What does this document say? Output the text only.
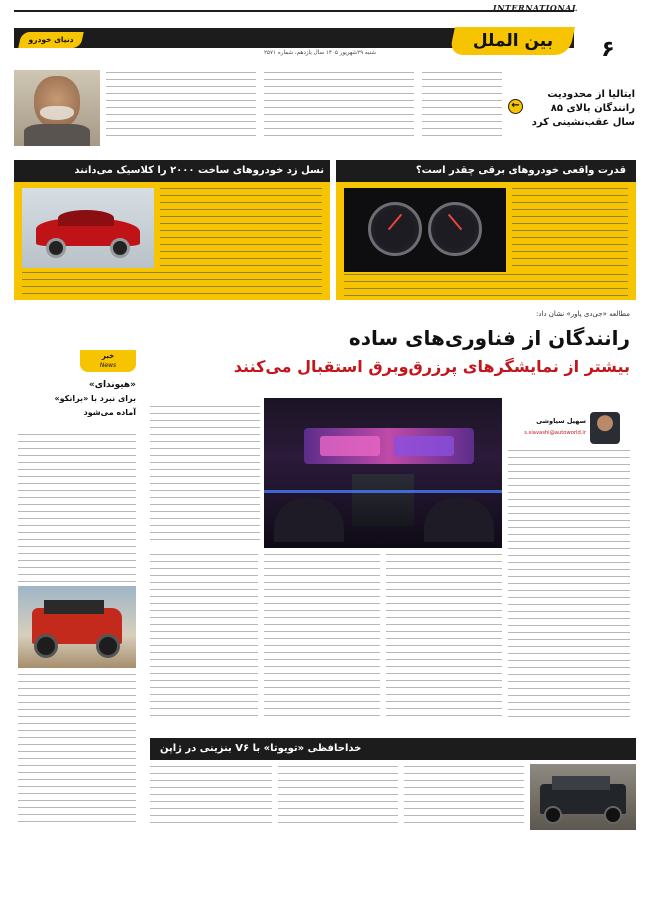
INTERNATIONAL
بین الملل	۶
شنبه ۲۹شهریور ۱۴۰۵ سال یازدهم، شماره ۲۵۷۱
دنیای خودرو
←
ایتالیا از محدودیت
رانندگان بالای ۸۵
سال عقب‌نشینی کرد
قدرت واقعی خودروهای برقی چقدر است؟
نسل زد خودروهای ساخت ۲۰۰۰ را کلاسیک می‌دانند
مطالعه «جی‌دی پاور» نشان داد:
رانندگان از فناوری‌های ساده
بیشتر از نمایشگرهای پرزرق‌وبرق استقبال می‌کنند
سهیل سیاوشی
s.siavashi@autoworld.ir
خبر
News
«هیوندای»
برای نبرد با «برانکو»
آماده می‌شود
خداحافظی «تویوتا» با V۶ بنزینی در ژاپن
